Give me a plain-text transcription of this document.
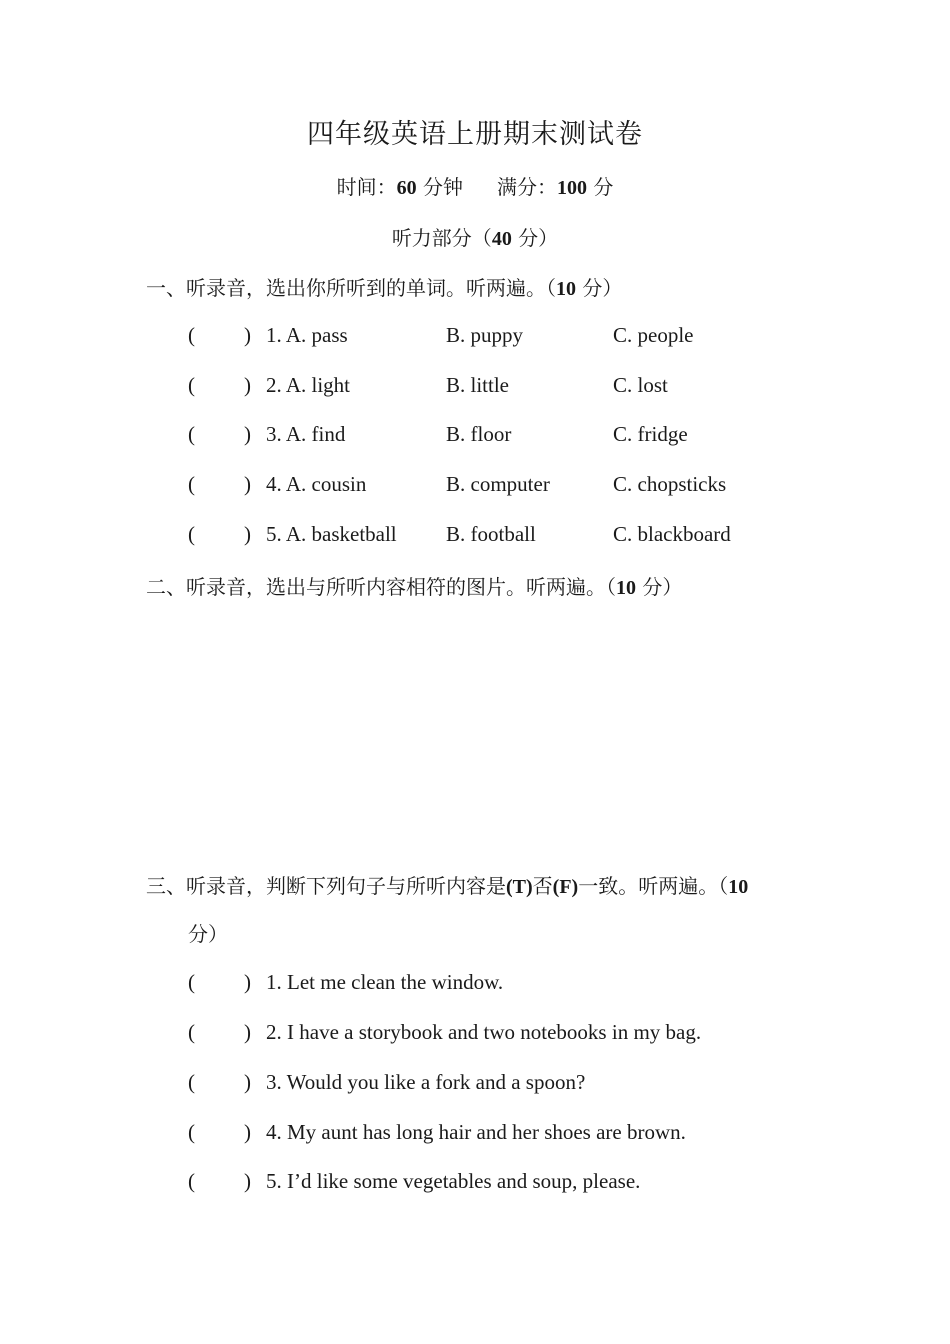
四年级英语上册期末测试卷
时间：60 分钟 满分：100 分
听力部分（40 分）
一、听录音，选出你所听到的单词。听两遍。（10 分）
( ) 1. A. pass	B. puppy	C. people
( ) 2. A. light	B. little	C. lost
( ) 3. A. find	B. floor	C. fridge
( ) 4. A. cousin	B. computer	C. chopsticks
( ) 5. A. basketball B. football	C. blackboard
二、听录音，选出与所听内容相符的图片。听两遍。（10 分）
三、听录音，判断下列句子与所听内容是(T)否(F)一致。听两遍。（10
分）
( ) 1. Let me clean the window.
( ) 2. I have a storybook and two notebooks in my bag.
( ) 3. Would you like a fork and a spoon?
( ) 4. My aunt has long hair and her shoes are brown.
( ) 5. I’d like some vegetables and soup, please.
